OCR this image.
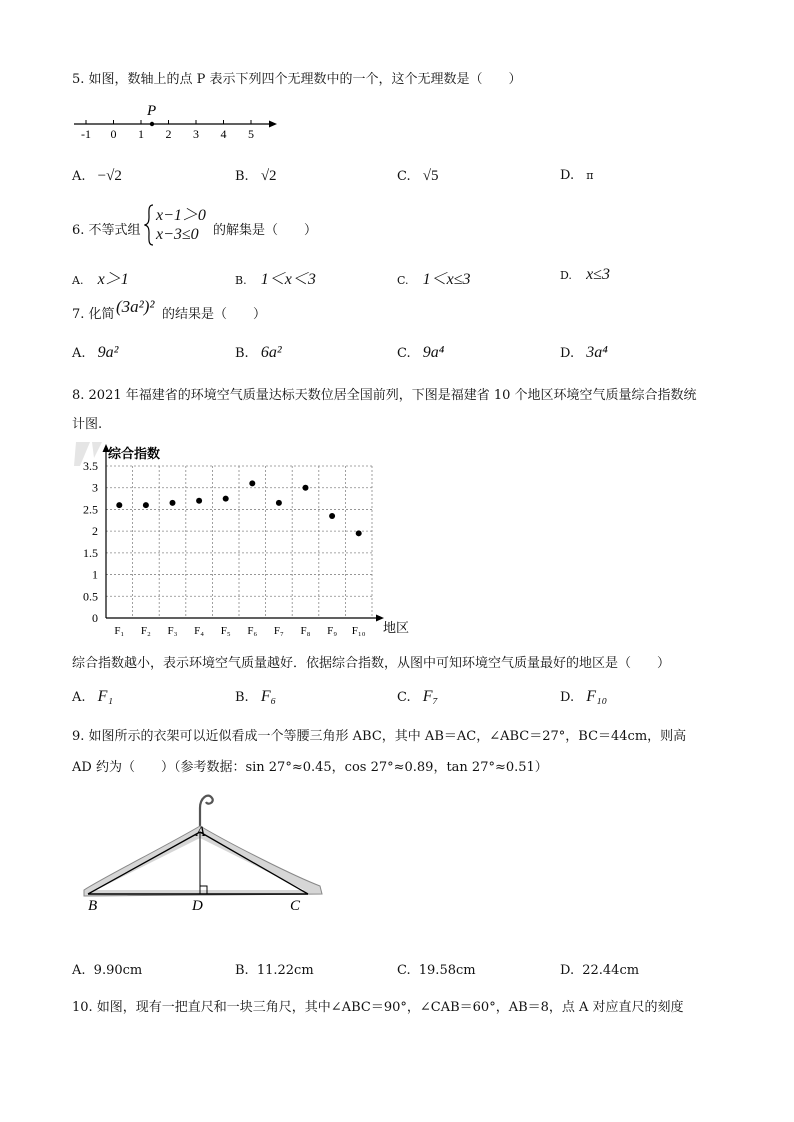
5. 如图，数轴上的点 P 表示下列四个无理数中的一个，这个无理数是（　　）
-1 0 1 2 3 4 5
P
A. −√2	B. √2	C. √5	D. π
6. 不等式组
x−1＞0
x−3≤0 的解集是（　　）
A. x＞1	B. 1＜x＜3	C. 1＜x≤3	D. x≤3
7. 化简 (3a²)² 的结果是（　　）
A. 9a²	B. 6a²	C. 9a⁴	D. 3a⁴
8. 2021 年福建省的环境空气质量达标天数位居全国前列，下图是福建省 10 个地区环境空气质量综合指数统
计图.
0
0.5
1
1.5
2
2.5
3
3.5
F₁ F₂ F₃ F₄ F₅ F₆ F₇ F₈ F₉ F₁₀
综合指数
地区
综合指数越小，表示环境空气质量越好．依据综合指数，从图中可知环境空气质量最好的地区是（　　）
A. F₁	B. F₆	C. F₇	D. F₁₀
9. 如图所示的衣架可以近似看成一个等腰三角形 ABC，其中 AB＝AC，∠ABC＝27°，BC＝44cm，则高
AD 约为（　　）（参考数据：sin 27°≈0.45，cos 27°≈0.89，tan 27°≈0.51）
A
B	D	C
A. 9.90cm	B. 11.22cm	C. 19.58cm	D. 22.44cm
10. 如图，现有一把直尺和一块三角尺，其中∠ABC＝90°，∠CAB＝60°，AB＝8，点 A 对应直尺的刻度
